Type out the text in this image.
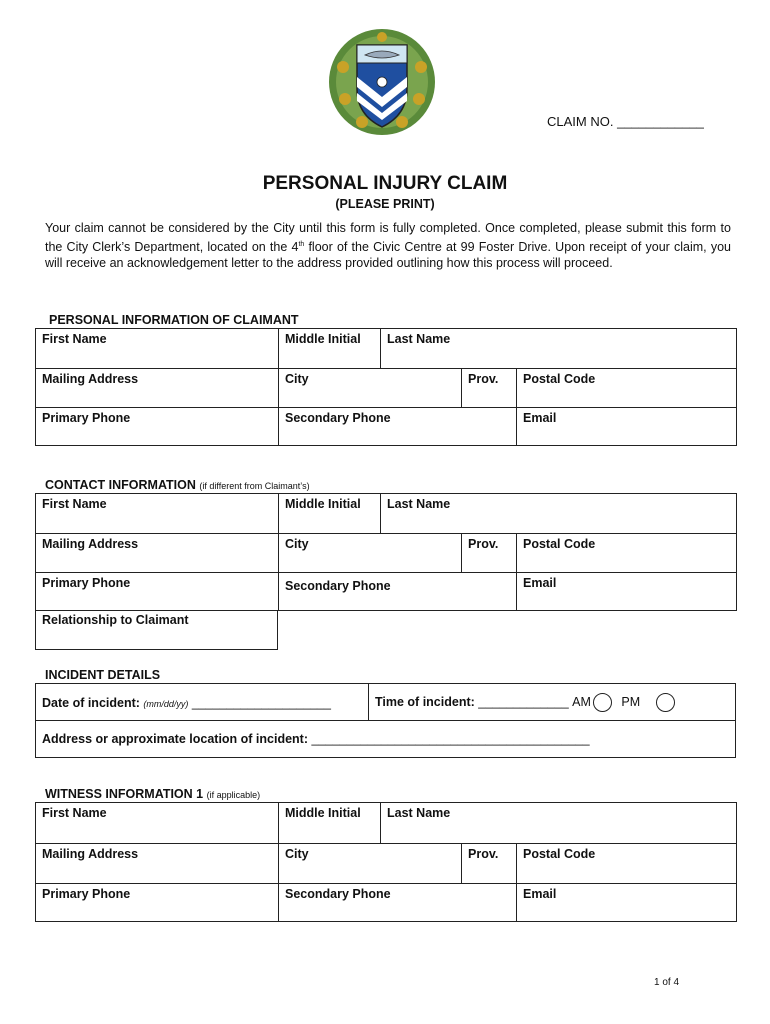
CLAIM NO. ____________
PERSONAL INJURY CLAIM
(PLEASE PRINT)
Your claim cannot be considered by the City until this form is fully completed. Once completed, please submit this form to the City Clerk’s Department, located on the 4th floor of the Civic Centre at 99 Foster Drive. Upon receipt of your claim, you will receive an acknowledgement letter to the address provided outlining how this process will proceed.
PERSONAL INFORMATION OF CLAIMANT
First Name	Middle Initial	Last Name
Mailing Address	City	Prov.	Postal Code
Primary Phone	Secondary Phone	Email
CONTACT INFORMATION (if different from Claimant’s)
First Name	Middle Initial	Last Name
Mailing Address	City	Prov.	Postal Code
Primary Phone	Secondary Phone	Email
Relationship to Claimant
INCIDENT DETAILS
Date of incident: (mm/dd/yy) ____________________	Time of incident: _____________ AM PM
Address or approximate location of incident: ________________________________________
WITNESS INFORMATION 1 (if applicable)
First Name	Middle Initial	Last Name
Mailing Address	City	Prov.	Postal Code
Primary Phone	Secondary Phone	Email
1 of 4
